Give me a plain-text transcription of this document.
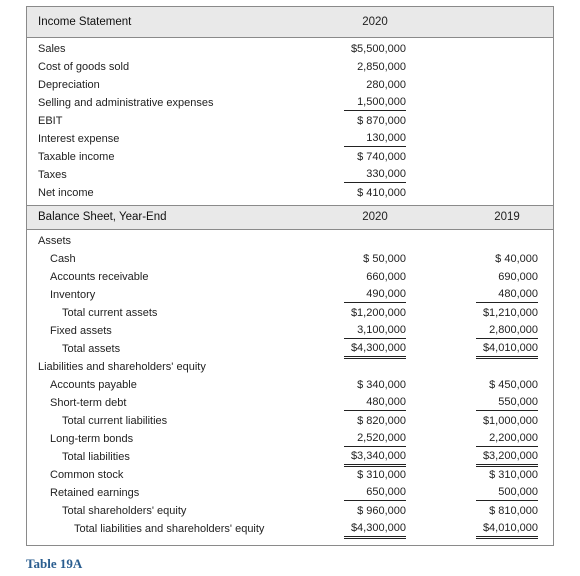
Income Statement	2020
Sales	$5,500,000
Cost of goods sold	2,850,000
Depreciation	280,000
Selling and administrative expenses	1,500,000
EBIT	$ 870,000
Interest expense	130,000
Taxable income	$ 740,000
Taxes	330,000
Net income	$ 410,000
Balance Sheet, Year-End	2020	2019
Assets
Cash	$ 50,000	$ 40,000
Accounts receivable	660,000	690,000
Inventory	490,000	480,000
Total current assets	$1,200,000	$1,210,000
Fixed assets	3,100,000	2,800,000
Total assets	$4,300,000	$4,010,000
Liabilities and shareholders' equity
Accounts payable	$ 340,000	$ 450,000
Short-term debt	480,000	550,000
Total current liabilities	$ 820,000	$1,000,000
Long-term bonds	2,520,000	2,200,000
Total liabilities	$3,340,000	$3,200,000
Common stock	$ 310,000	$ 310,000
Retained earnings	650,000	500,000
Total shareholders' equity	$ 960,000	$ 810,000
Total liabilities and shareholders' equity	$4,300,000	$4,010,000
Table 19A
